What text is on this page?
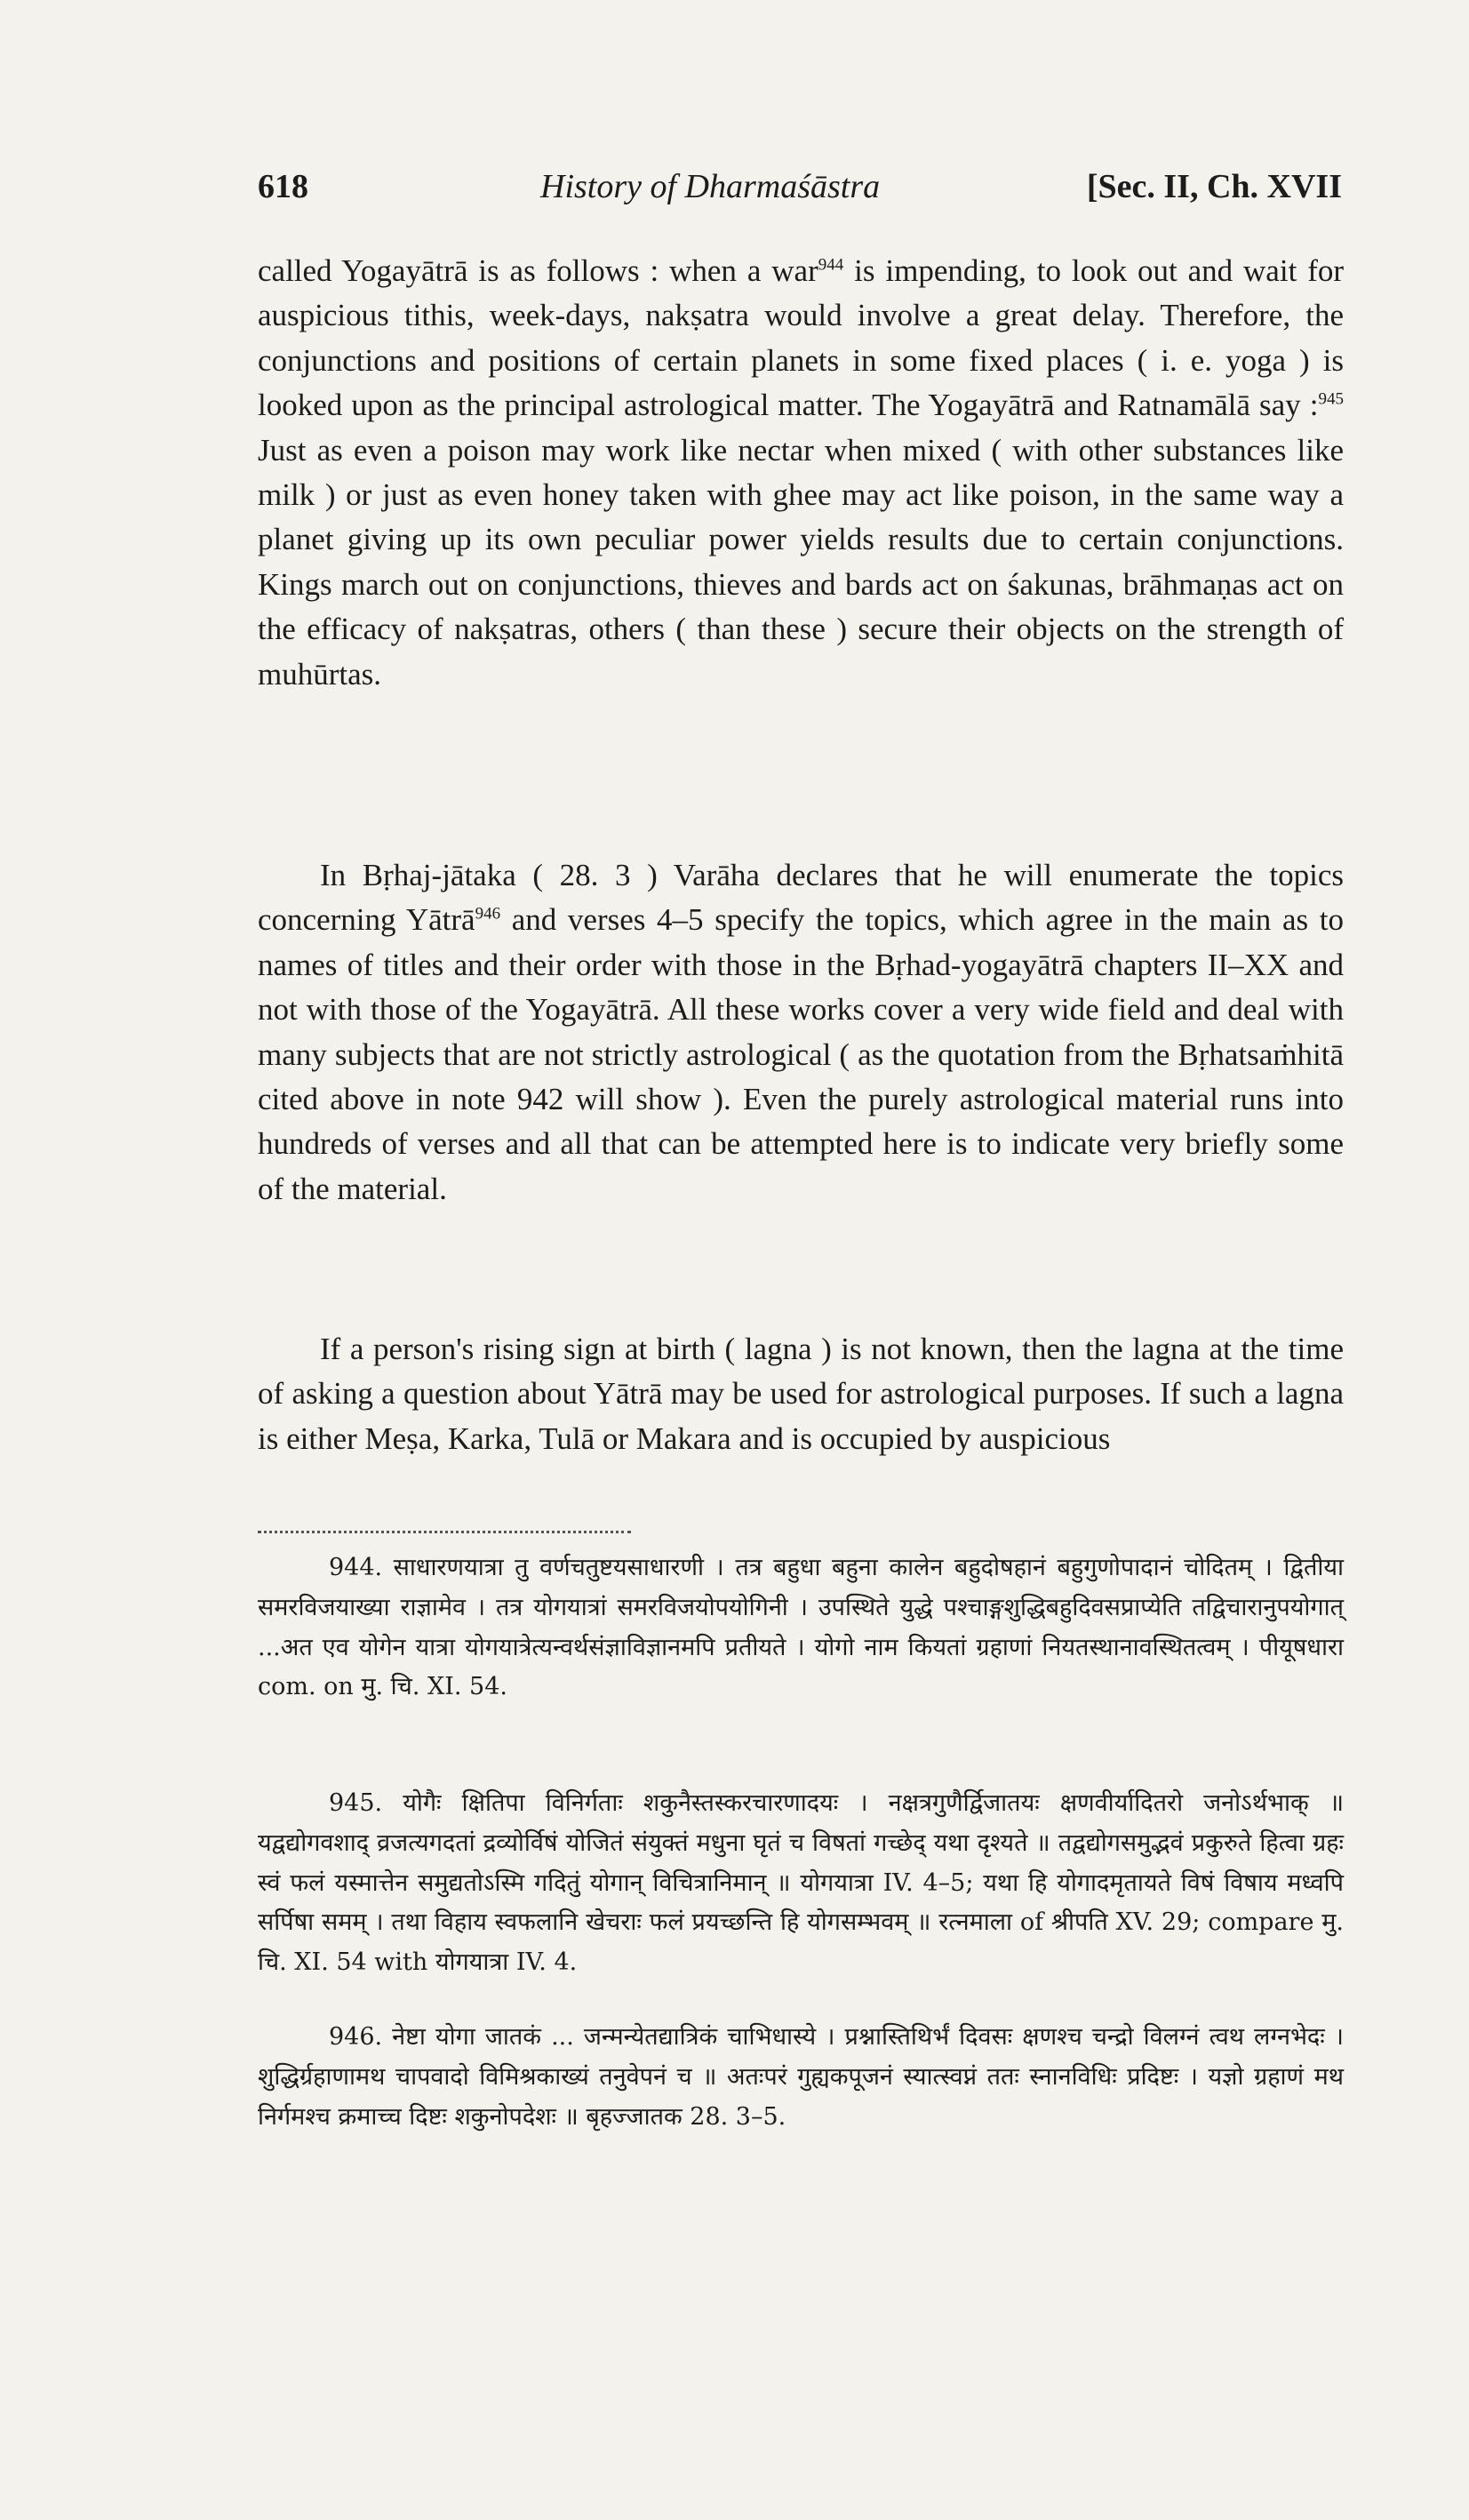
618	History of Dharmaśāstra	[Sec. II, Ch. XVII

called Yogayātrā is as follows : when a war$^{944}$ is impending, to look out and wait for auspicious tithis, week-days, nakṣatra would involve a great delay. Therefore, the conjunctions and positions of certain planets in some fixed places ( i. e. yoga ) is looked upon as the principal astrological matter. The Yogayātrā and Ratnamālā say :$^{945}$ Just as even a poison may work like nectar when mixed ( with other substances like milk ) or just as even honey taken with ghee may act like poison, in the same way a planet giving up its own peculiar power yields results due to certain conjunctions. Kings march out on conjunctions, thieves and bards act on śakunas, brāhmaṇas act on the efficacy of nakṣatras, others ( than these ) secure their objects on the strength of muhūrtas.

In Bṛhaj-jātaka ( 28. 3 ) Varāha declares that he will enumerate the topics concerning Yātrā$^{946}$ and verses 4–5 specify the topics, which agree in the main as to names of titles and their order with those in the Bṛhad-yogayātrā chapters II–XX and not with those of the Yogayātrā. All these works cover a very wide field and deal with many subjects that are not strictly astrological ( as the quotation from the Bṛhatsaṁhitā cited above in note 942 will show ). Even the purely astrological material runs into hundreds of verses and all that can be attempted here is to indicate very briefly some of the material.

If a person's rising sign at birth ( lagna ) is not known, then the lagna at the time of asking a question about Yātrā may be used for astrological purposes. If such a lagna is either Meṣa, Karka, Tulā or Makara and is occupied by auspicious

944. साधारणयात्रा तु वर्णचतुष्टयसाधारणी । तत्र बहुधा बहुना कालेन बहुदोषहानं बहुगुणोपादानं चोदितम् । द्वितीया समरविजयाख्या राज्ञामेव । तत्र योगयात्रां समरविजयोपयोगिनी । उपस्थिते युद्धे पश्चाङ्गशुद्धिबहुदिवसप्राप्येति तद्विचारानुपयोगात् ...अत एव योगेन यात्रा योगयात्रेत्यन्वर्थसंज्ञाविज्ञानमपि प्रतीयते । योगो नाम कियतां ग्रहाणां नियतस्थानावस्थितत्वम् । पीयूषधारा com. on मु. चि. XI. 54.

945. योगैः क्षितिपा विनिर्गताः शकुनैस्तस्करचारणादयः । नक्षत्रगुणैर्द्विजातयः क्षणवीर्यादितरो जनोऽर्थभाक् ॥ यद्वद्योगवशाद् व्रजत्यगदतां द्रव्योर्विषं योजितं संयुक्तं मधुना घृतं च विषतां गच्छेद् यथा दृश्यते ॥ तद्वद्योगसमुद्भवं प्रकुरुते हित्वा ग्रहः स्वं फलं यस्मात्तेन समुद्यतोऽस्मि गदितुं योगान् विचित्रानिमान् ॥ योगयात्रा IV. 4–5; यथा हि योगादमृतायते विषं विषाय मध्वपि सर्पिषा समम् । तथा विहाय स्वफलानि खेचराः फलं प्रयच्छन्ति हि योगसम्भवम् ॥ रत्नमाला of श्रीपति XV. 29; compare मु. चि. XI. 54 with योगयात्रा IV. 4.

946. नेष्टा योगा जातकं ... जन्मन्येतद्यात्रिकं चाभिधास्ये । प्रश्नास्तिथिर्भं दिवसः क्षणश्च चन्द्रो विलग्नं त्वथ लग्नभेदः । शुद्धिर्ग्रहाणामथ चापवादो विमिश्रकाख्यं तनुवेपनं च ॥ अतःपरं गुह्यकपूजनं स्यात्स्वप्नं ततः स्नानविधिः प्रदिष्टः । यज्ञो ग्रहाणं मथ निर्गमश्च क्रमाच्च दिष्टः शकुनोपदेशः ॥ बृहज्जातक 28. 3–5.
